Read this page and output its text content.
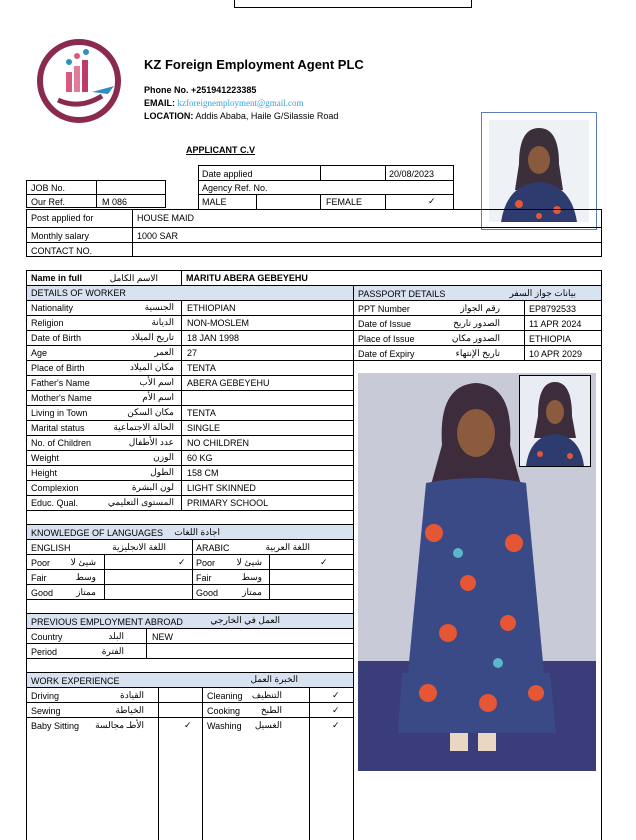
KZ Foreign Employment Agent PLC
Phone No. +251941223385
EMAIL: kzforeignemployment@gmail.com
LOCATION: Addis Ababa, Haile G/Silassie Road
APPLICANT C.V
Date applied	20/08/2023
Agency Ref. No.
MALE	FEMALE	✓
JOB No.
Our Ref.	M 086
Post applied for	HOUSE MAID
Monthly salary	1000 SAR
CONTACT NO.
Name in full	الاسم الكامل	MARITU ABERA GEBEYEHU
DETAILS OF WORKER
Nationality	الجنسية ETHIOPIAN
Religion	الديانة NON-MOSLEM
Date of Birth	تاريخ الميلاد 18 JAN 1998
Age	العمر 27
Place of Birth	مكان الميلاد TENTA
Father's Name	اسم الأب ABERA GEBEYEHU
Mother's Name	اسم الأم
Living in Town	مكان السكن TENTA
Marital status	الحالة الاجتماعية SINGLE
No. of Children	عدد الأطفال NO CHILDREN
Weight	الوزن 60 KG
Height	الطول 158 CM
Complexion	لون البشرة LIGHT SKINNED
Educ. Qual.	المستوى التعليمي PRIMARY SCHOOL
PASSPORT DETAILS	بيانات جواز السفر
PPT Number	رقم الجواز	EP8792533
Date of Issue	الصدور تاريخ	11 APR 2024
Place of Issue	الصدور مكان	ETHIOPIA
Date of Expiry	تاريخ الإنتهاء	10 APR 2029
KNOWLEDGE OF LANGUAGES اجادة اللغات
ENGLISH	اللغة الانجليزية	ARABIC	اللغة العربية
Poor شيئ لا	✓ Poor شيئ لا	✓
Fair	وسط	Fair	وسط
Good	ممتاز	Good	ممتاز
PREVIOUS EMPLOYMENT ABROAD	العمل في الخارجي
Country	البلد	NEW
Period	الفترة
WORK EXPERIENCE	الخبرة العمل
Driving	القيادة	Cleaning التنظيف	✓
Sewing	الخياطة	Cooking الطبخ	✓
Baby Sitting الأطـ مجالسة	✓ Washing الغسيل	✓
